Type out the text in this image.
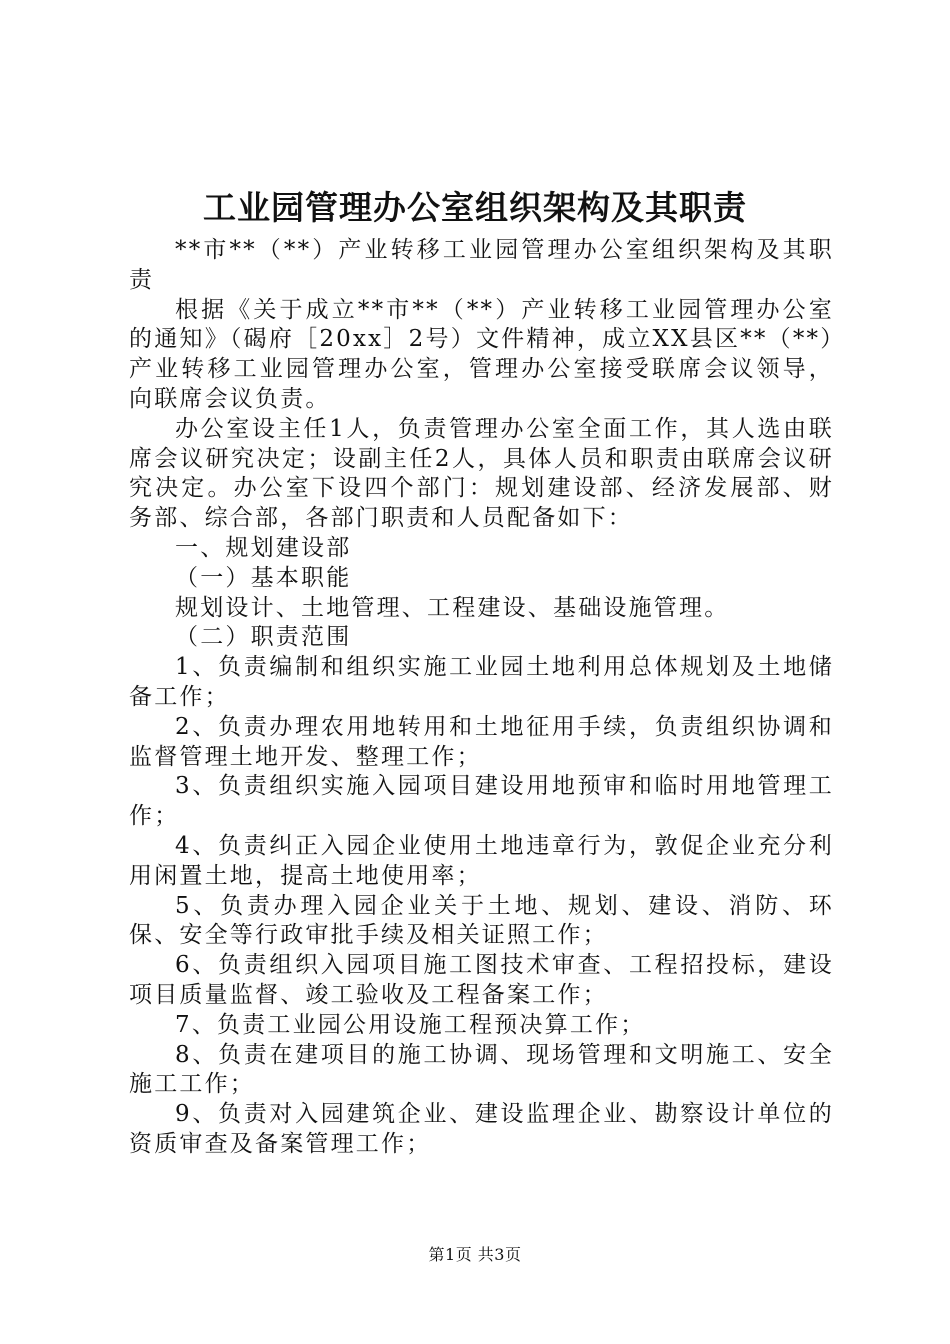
工业园管理办公室组织架构及其职责

**市**（**）产业转移工业园管理办公室组织架构及其职责

根据《关于成立**市**（**）产业转移工业园管理办公室的通知》（碣府［20xx］2号）文件精神，成立XX县区**（**）产业转移工业园管理办公室，管理办公室接受联席会议领导，向联席会议负责。

办公室设主任1人，负责管理办公室全面工作，其人选由联席会议研究决定；设副主任2人，具体人员和职责由联席会议研究决定。办公室下设四个部门：规划建设部、经济发展部、财务部、综合部，各部门职责和人员配备如下：

一、规划建设部

（一）基本职能

规划设计、土地管理、工程建设、基础设施管理。

（二）职责范围

1、负责编制和组织实施工业园土地利用总体规划及土地储备工作；

2、负责办理农用地转用和土地征用手续，负责组织协调和监督管理土地开发、整理工作；

3、负责组织实施入园项目建设用地预审和临时用地管理工作；

4、负责纠正入园企业使用土地违章行为，敦促企业充分利用闲置土地，提高土地使用率；

5、负责办理入园企业关于土地、规划、建设、消防、环保、安全等行政审批手续及相关证照工作；

6、负责组织入园项目施工图技术审查、工程招投标，建设项目质量监督、竣工验收及工程备案工作；

7、负责工业园公用设施工程预决算工作；

8、负责在建项目的施工协调、现场管理和文明施工、安全施工工作；

9、负责对入园建筑企业、建设监理企业、勘察设计单位的资质审查及备案管理工作；

第1页 共3页
